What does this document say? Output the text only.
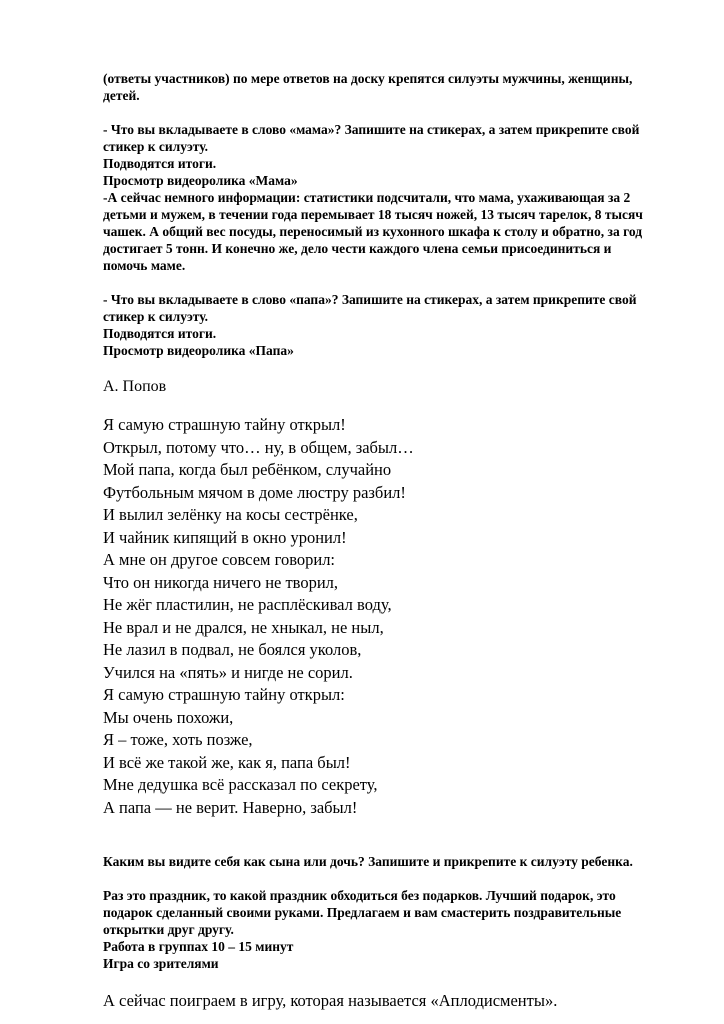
(ответы участников) по мере ответов на доску крепятся силуэты мужчины, женщины,

детей.

- Что вы вкладываете в слово «мама»? Запишите на стикерах, а затем прикрепите свой

стикер к силуэту.

Подводятся итоги.

Просмотр видеоролика «Мама»

-А сейчас немного информации: статистики подсчитали, что мама, ухаживающая за 2

детьми и мужем, в течении года перемывает 18 тысяч ножей, 13 тысяч тарелок, 8 тысяч

чашек. А общий вес посуды, переносимый из кухонного шкафа к столу и обратно, за год

достигает 5 тонн. И конечно же, дело чести каждого члена семьи присоединиться и

помочь маме.

- Что вы вкладываете в слово «папа»? Запишите на стикерах, а затем прикрепите свой

стикер к силуэту.

Подводятся итоги.

Просмотр видеоролика «Папа»

А. Попов
Я самую страшную тайну открыл!
Открыл, потому что… ну, в общем, забыл…
Мой папа, когда был ребёнком, случайно
Футбольным мячом в доме люстру разбил!
И вылил зелёнку на косы сестрёнке,
И чайник кипящий в окно уронил!
А мне он другое совсем говорил:
Что он никогда ничего не творил,
Не жёг пластилин, не расплёскивал воду,
Не врал и не дрался, не хныкал, не ныл,
Не лазил в подвал, не боялся уколов,
Учился на «пять» и нигде не сорил.
Я самую страшную тайну открыл:
Мы очень похожи,
Я – тоже, хоть позже,
И всё же такой же, как я, папа был!
Мне дедушка всё рассказал по секрету,
А папа — не верит. Наверно, забыл!

Каким вы видите себя как сына или дочь? Запишите и прикрепите к силуэту ребенка.

Раз это праздник, то какой праздник обходиться без подарков. Лучший подарок, это

подарок сделанный своими руками. Предлагаем и вам смастерить поздравительные

открытки друг другу.

Работа в группах 10 – 15 минут

Игра со зрителями

А сейчас поиграем в игру, которая называется «Аплодисменты».
